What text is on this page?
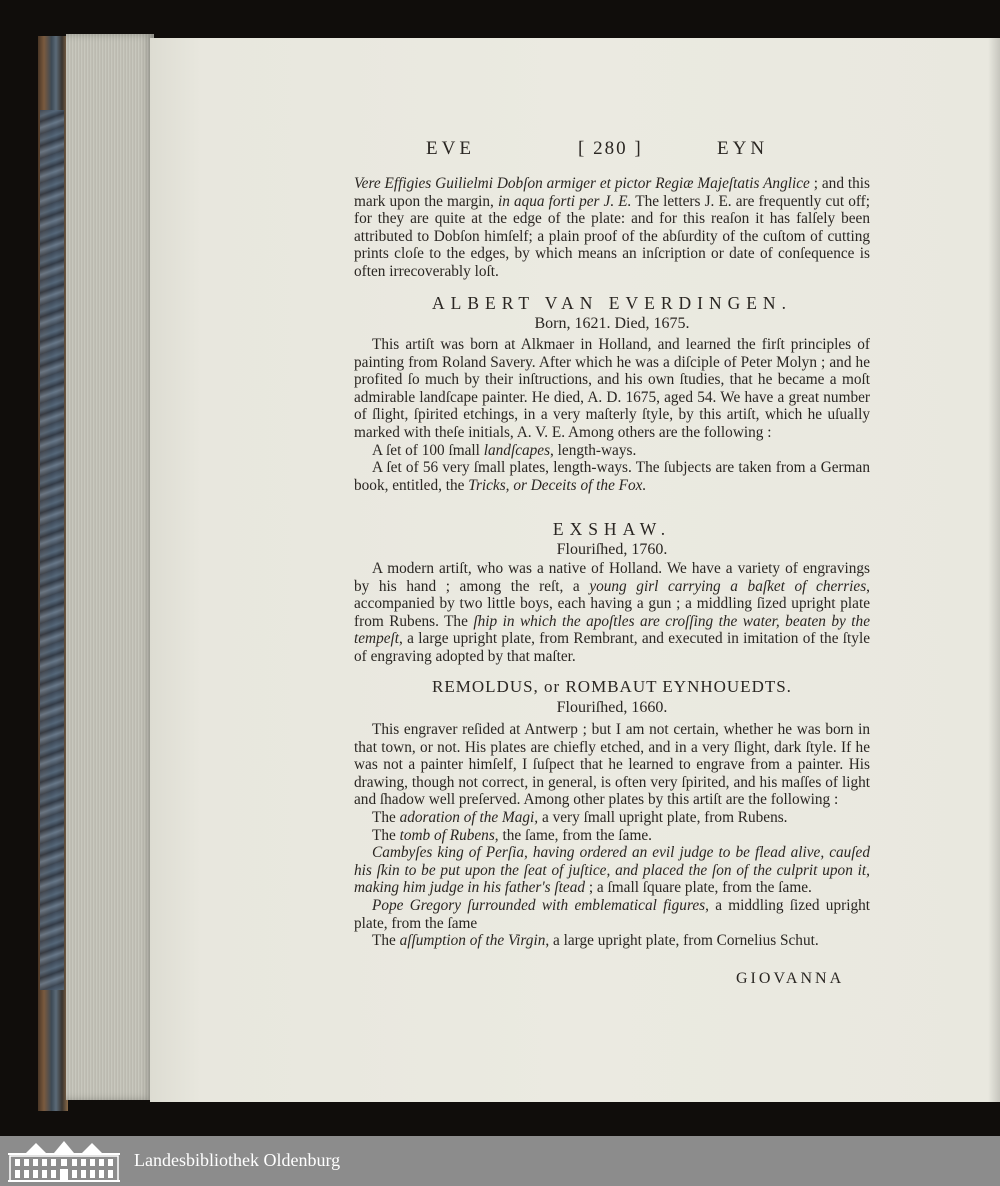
EVE	[ 280 ]	EYN

Vere Effigies Guilielmi Dobſon armiger et pictor Regiæ Majeſtatis Anglice ; and this mark upon the margin, in aqua forti per J. E. The letters J. E. are frequently cut off; for they are quite at the edge of the plate: and for this reaſon it has falſely been attributed to Dobſon himſelf; a plain proof of the abſurdity of the cuſtom of cutting prints cloſe to the edges, by which means an inſcription or date of conſequence is often irrecoverably loſt.

ALBERT VAN EVERDINGEN.

Born, 1621. Died, 1675.

This artiſt was born at Alkmaer in Holland, and learned the firſt principles of painting from Roland Savery. After which he was a diſciple of Peter Molyn ; and he profited ſo much by their inſtructions, and his own ſtudies, that he became a moſt admirable landſcape painter. He died, A. D. 1675, aged 54. We have a great number of ſlight, ſpirited etchings, in a very maſterly ſtyle, by this artiſt, which he uſually marked with theſe initials, A. V. E. Among others are the following :

A ſet of 100 ſmall landſcapes, length-ways.

A ſet of 56 very ſmall plates, length-ways. The ſubjects are taken from a German book, entitled, the Tricks, or Deceits of the Fox.

EXSHAW.

Flouriſhed, 1760.

A modern artiſt, who was a native of Holland. We have a variety of engravings by his hand ; among the reſt, a young girl carrying a baſket of cherries, accompanied by two little boys, each having a gun ; a middling ſized upright plate from Rubens. The ſhip in which the apoſtles are croſſing the water, beaten by the tempeſt, a large upright plate, from Rembrant, and executed in imitation of the ſtyle of engraving adopted by that maſter.

REMOLDUS, or ROMBAUT EYNHOUEDTS.

Flouriſhed, 1660.

This engraver reſided at Antwerp ; but I am not certain, whether he was born in that town, or not. His plates are chiefly etched, and in a very ſlight, dark ſtyle. If he was not a painter himſelf, I ſuſpect that he learned to engrave from a painter. His drawing, though not correct, in general, is often very ſpirited, and his maſſes of light and ſhadow well preſerved. Among other plates by this artiſt are the following :

The adoration of the Magi, a very ſmall upright plate, from Rubens.

The tomb of Rubens, the ſame, from the ſame.

Cambyſes king of Perſia, having ordered an evil judge to be flead alive, cauſed his ſkin to be put upon the ſeat of juſtice, and placed the ſon of the culprit upon it, making him judge in his father's ſtead ; a ſmall ſquare plate, from the ſame.

Pope Gregory ſurrounded with emblematical figures, a middling ſized upright plate, from the ſame

The aſſumption of the Virgin, a large upright plate, from Cornelius Schut.

GIOVANNA
Landesbibliothek Oldenburg
